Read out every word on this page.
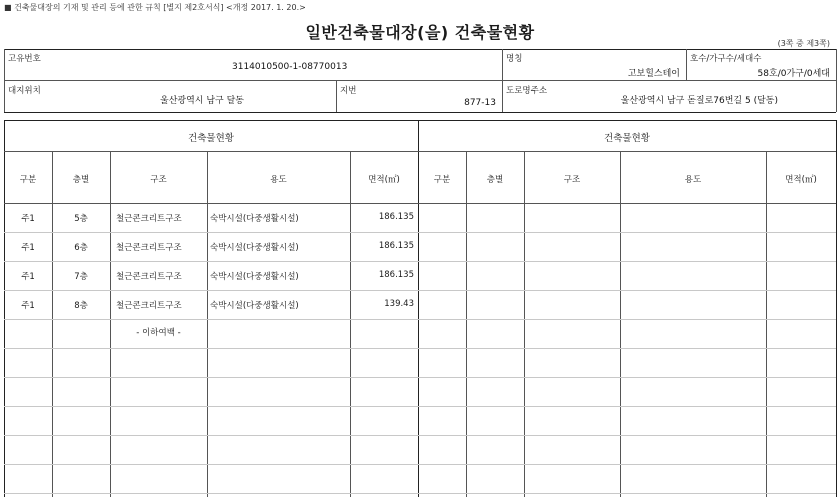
■ 건축물대장의 기재 및 관리 등에 관한 규칙 [별지 제2호서식] <개정 2017. 1. 20.>
일반건축물대장(을) 건축물현황
(3쪽 중 제3쪽)
고유번호
3114010500-1-08770013
명칭
고보힐스테이
호수/가구수/세대수
58호/0가구/0세대
대지위치
울산광역시 남구 달동
지번
877-13
도로명주소
울산광역시 남구 돋질로76번길 5 (달동)
건축물현황	건축물현황
구분	층별	구조	용도	면적(㎡)	구분	층별	구조	용도	면적(㎡)
주1	5층	철근콘크리트구조	숙박시설(다중생활시설)	186.135
주1	6층	철근콘크리트구조	숙박시설(다중생활시설)	186.135
주1	7층	철근콘크리트구조	숙박시설(다중생활시설)	186.135
주1	8층	철근콘크리트구조	숙박시설(다중생활시설)	139.43
- 이하여백 -
